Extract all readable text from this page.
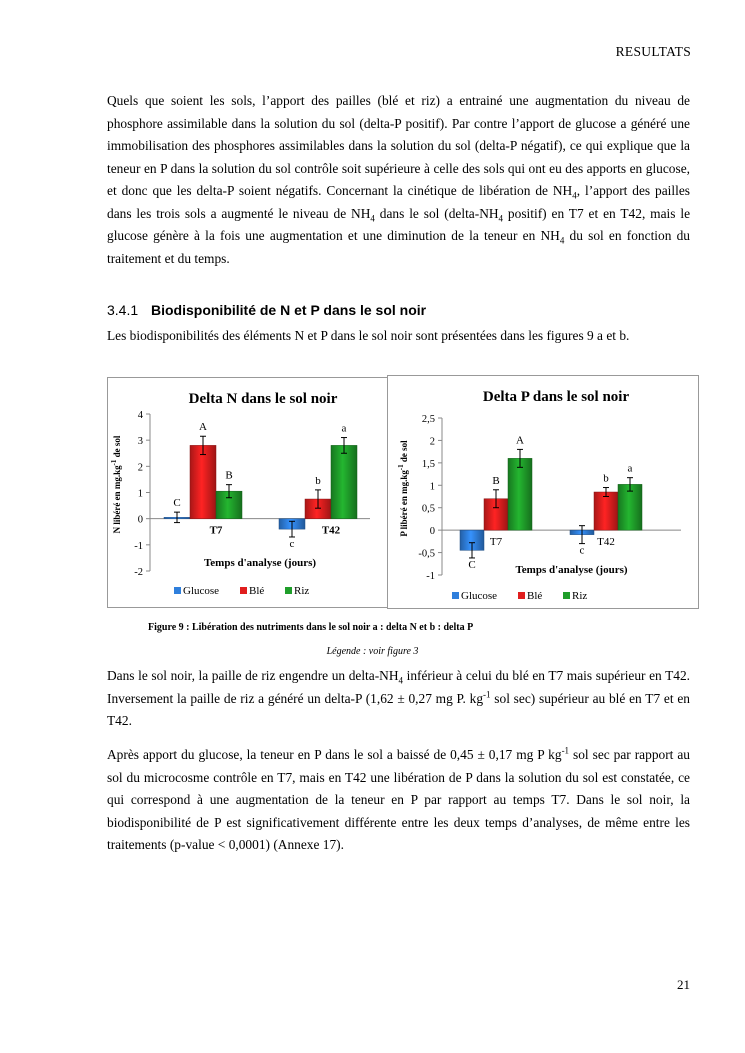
RESULTATS
Quels que soient les sols, l’apport des pailles (blé et riz) a entrainé une augmentation du niveau de phosphore assimilable dans la solution du sol (delta-P positif). Par contre l’apport de glucose a généré une immobilisation des phosphores assimilables dans la solution du sol (delta-P négatif), ce qui explique que la teneur en P dans la solution du sol contrôle soit supérieure à celle des sols qui ont eu des apports en glucose, et donc que les delta-P soient négatifs. Concernant la cinétique de libération de $NH_4$, l’apport des pailles dans les trois sols a augmenté le niveau de $NH_4$ dans le sol ($delta-NH_4$ positif) en T7 et en T42, mais le glucose génère à la fois une augmentation et une diminution de la teneur en $NH_4$ du sol en fonction du traitement et du temps.
3.4.1 Biodisponibilité de N et P dans le sol noir
Les biodisponibilités des éléments N et P dans le sol noir sont présentées dans les figures 9 a et b.
Delta N dans le sol noir
-2
-1
0
1
2
3
4
N libéré en $mg.kg^{-1}$ de sol
C
A
B
T7
c
b
a
T42
Temps d'analyse (jours)
Glucose	Blé	Riz
Delta P dans le sol noir
-1
-0,5
0
0,5
1
1,5
2
2,5
P libéré en $mg.kg^{-1}$ de sol
C
B
A
T7
c
b
a
T42
Temps d'analyse (jours)
Glucose	Blé	Riz
Figure 9 : Libération des nutriments dans le sol noir a : delta N et b : delta P
Légende : voir figure 3
Dans le sol noir, la paille de riz engendre un delta-$NH_4$ inférieur à celui du blé en T7 mais supérieur en T42. Inversement la paille de riz a généré un delta-P (1,62 ± 0,27 mg P. $kg^{-1}$ sol sec) supérieur au blé en T7 et en T42.
Après apport du glucose, la teneur en P dans le sol a baissé de 0,45 ± 0,17 mg P $kg^{-1}$ sol sec par rapport au sol du microcosme contrôle en T7, mais en T42 une libération de P dans la solution du sol est constatée, ce qui correspond à une augmentation de la teneur en P par rapport au temps T7. Dans le sol noir, la biodisponibilité de P est significativement différente entre les deux temps d’analyses, de même entre les traitements (p-value < 0,0001) (Annexe 17).
21
